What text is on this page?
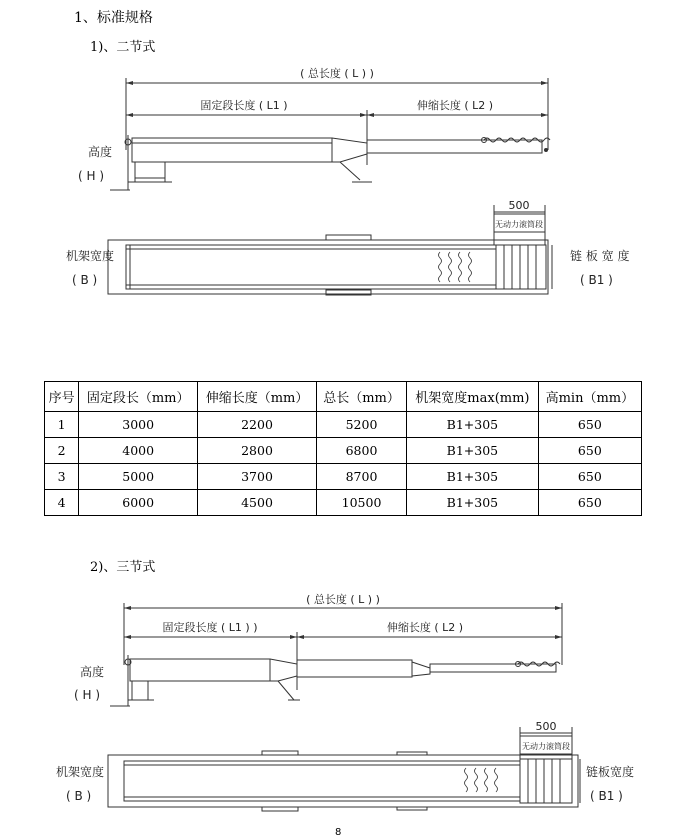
1、标准规格
1)、二节式
( 总长度 ( L ) )
固定段长度 ( L1 )	伸缩长度 ( L2 )
高度
( H )
500
无动力滚筒段
机架宽度
( B )
链 板 宽 度
( B1 )
序号	固定段长（mm）	伸缩长度（mm）	总长（mm）	机架宽度max(mm)	高min（mm）
1	3000	2200	5200	B1+305	650
2	4000	2800	6800	B1+305	650
3	5000	3700	8700	B1+305	650
4	6000	4500	10500	B1+305	650
2)、三节式
( 总长度 ( L ) )
固定段长度 ( L1 ) )	伸缩长度 ( L2 )
高度
( H )
500
无动力滚筒段
机架宽度
( B )
链板宽度
( B1 )
8
